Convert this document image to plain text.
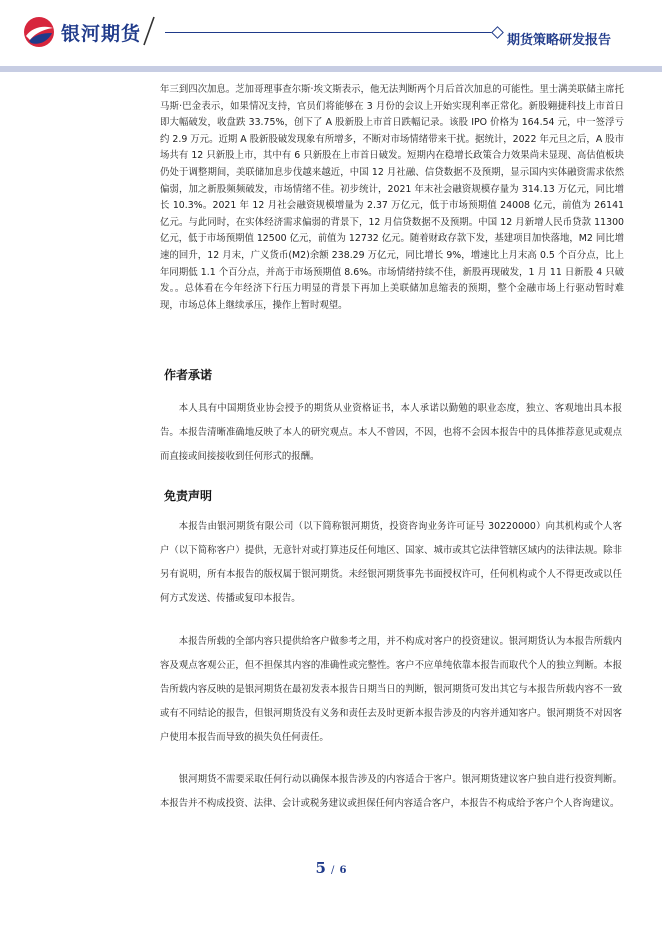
银河期货	期货策略研发报告

年三到四次加息。芝加哥理事查尔斯·埃文斯表示，他无法判断两个月后首次加息的可能性。里士满美联储主席托马斯·巴金表示，如果情况支持，官员们将能够在 3 月份的会议上开始实现利率正常化。新股翱捷科技上市首日即大幅破发，收盘跌 33.75%，创下了 A 股新股上市首日跌幅记录。该股 IPO 价格为 164.54 元，中一签浮亏约 2.9 万元。近期 A 股新股破发现象有所增多，不断对市场情绪带来干扰。据统计，2022 年元旦之后，A 股市场共有 12 只新股上市，其中有 6 只新股在上市首日破发。短期内在稳增长政策合力效果尚未显现、高估值板块仍处于调整期间，美联储加息步伐越来越近，中国 12 月社融、信贷数据不及预期，显示国内实体融资需求依然偏弱，加之新股频频破发，市场情绪不佳。初步统计，2021 年末社会融资规模存量为 314.13 万亿元，同比增长 10.3%。2021 年 12 月社会融资规模增量为 2.37 万亿元，低于市场预期值 24008 亿元，前值为 26141 亿元。与此同时，在实体经济需求偏弱的背景下，12 月信贷数据不及预期。中国 12 月新增人民币贷款 11300 亿元，低于市场预期值 12500 亿元，前值为 12732 亿元。随着财政存款下发，基建项目加快落地，M2 同比增速的回升，12 月末，广义货币(M2)余额 238.29 万亿元，同比增长 9%，增速比上月末高 0.5 个百分点，比上年同期低 1.1 个百分点，并高于市场预期值 8.6%。市场情绪持续不佳，新股再现破发，1 月 11 日新股 4 只破发。。总体看在今年经济下行压力明显的背景下再加上美联储加息缩表的预期，整个金融市场上行驱动暂时难现，市场总体上继续承压，操作上暂时观望。

作者承诺

本人具有中国期货业协会授予的期货从业资格证书，本人承诺以勤勉的职业态度，独立、客观地出具本报告。本报告清晰准确地反映了本人的研究观点。本人不曾因，不因，也将不会因本报告中的具体推荐意见或观点而直接或间接接收到任何形式的报酬。

免责声明

本报告由银河期货有限公司（以下简称银河期货，投资咨询业务许可证号 30220000）向其机构或个人客户（以下简称客户）提供，无意针对或打算违反任何地区、国家、城市或其它法律管辖区域内的法律法规。除非另有说明，所有本报告的版权属于银河期货。未经银河期货事先书面授权许可，任何机构或个人不得更改或以任何方式发送、传播或复印本报告。

本报告所载的全部内容只提供给客户做参考之用，并不构成对客户的投资建议。银河期货认为本报告所载内容及观点客观公正，但不担保其内容的准确性或完整性。客户不应单纯依靠本报告而取代个人的独立判断。本报告所载内容反映的是银河期货在最初发表本报告日期当日的判断，银河期货可发出其它与本报告所载内容不一致或有不同结论的报告，但银河期货没有义务和责任去及时更新本报告涉及的内容并通知客户。银河期货不对因客户使用本报告而导致的损失负任何责任。

银河期货不需要采取任何行动以确保本报告涉及的内容适合于客户。银河期货建议客户独自进行投资判断。本报告并不构成投资、法律、会计或税务建议或担保任何内容适合客户，本报告不构成给予客户个人咨询建议。

5 / 6
